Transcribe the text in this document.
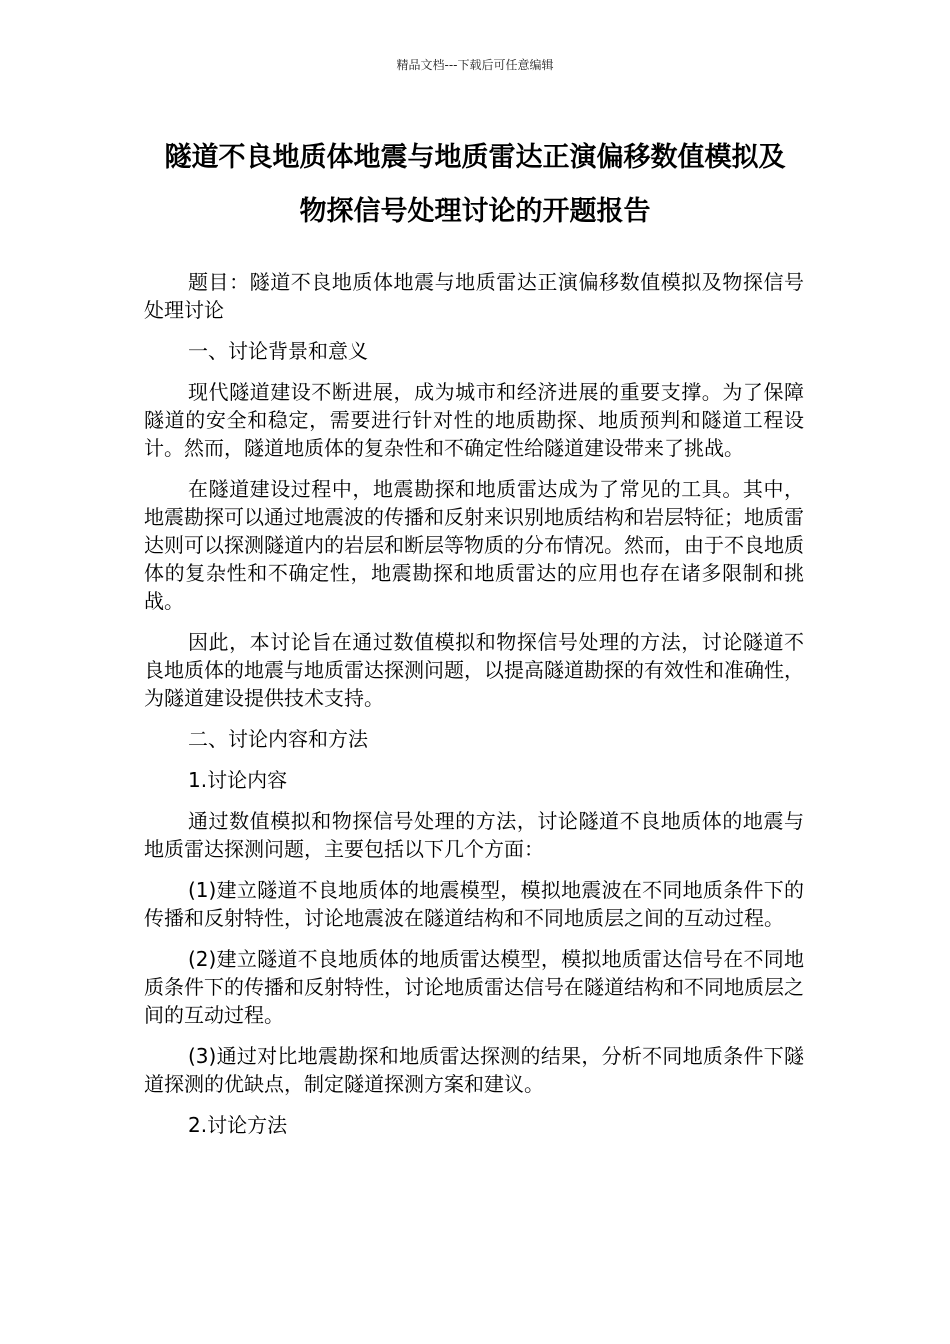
精品文档---下载后可任意编辑
隧道不良地质体地震与地质雷达正演偏移数值模拟及
物探信号处理讨论的开题报告

题目：隧道不良地质体地震与地质雷达正演偏移数值模拟及物探信号处理讨论

一、讨论背景和意义

现代隧道建设不断进展，成为城市和经济进展的重要支撑。为了保障隧道的安全和稳定，需要进行针对性的地质勘探、地质预判和隧道工程设计。然而，隧道地质体的复杂性和不确定性给隧道建设带来了挑战。

在隧道建设过程中，地震勘探和地质雷达成为了常见的工具。其中，地震勘探可以通过地震波的传播和反射来识别地质结构和岩层特征；地质雷达则可以探测隧道内的岩层和断层等物质的分布情况。然而，由于不良地质体的复杂性和不确定性，地震勘探和地质雷达的应用也存在诸多限制和挑战。

因此，本讨论旨在通过数值模拟和物探信号处理的方法，讨论隧道不良地质体的地震与地质雷达探测问题，以提高隧道勘探的有效性和准确性，为隧道建设提供技术支持。

二、讨论内容和方法

1.讨论内容

通过数值模拟和物探信号处理的方法，讨论隧道不良地质体的地震与地质雷达探测问题，主要包括以下几个方面：

(1)建立隧道不良地质体的地震模型，模拟地震波在不同地质条件下的传播和反射特性，讨论地震波在隧道结构和不同地质层之间的互动过程。

(2)建立隧道不良地质体的地质雷达模型，模拟地质雷达信号在不同地质条件下的传播和反射特性，讨论地质雷达信号在隧道结构和不同地质层之间的互动过程。

(3)通过对比地震勘探和地质雷达探测的结果，分析不同地质条件下隧道探测的优缺点，制定隧道探测方案和建议。

2.讨论方法
